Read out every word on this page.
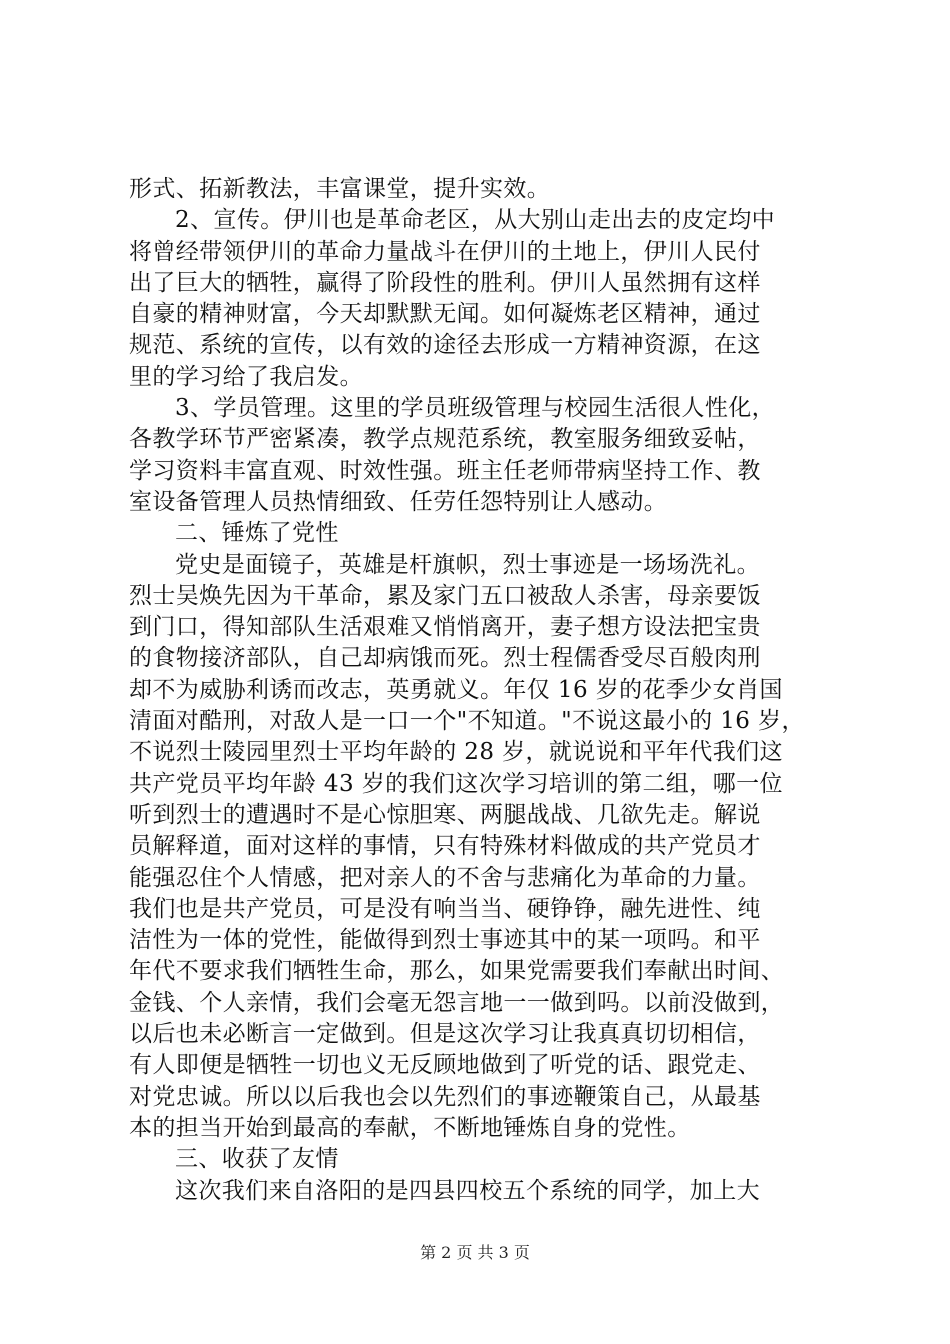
形式、拓新教法，丰富课堂，提升实效。
2、宣传。伊川也是革命老区，从大别山走出去的皮定均中
将曾经带领伊川的革命力量战斗在伊川的土地上，伊川人民付
出了巨大的牺牲，赢得了阶段性的胜利。伊川人虽然拥有这样
自豪的精神财富，今天却默默无闻。如何凝炼老区精神，通过
规范、系统的宣传，以有效的途径去形成一方精神资源，在这
里的学习给了我启发。
3、学员管理。这里的学员班级管理与校园生活很人性化，
各教学环节严密紧凑，教学点规范系统，教室服务细致妥帖，
学习资料丰富直观、时效性强。班主任老师带病坚持工作、教
室设备管理人员热情细致、任劳任怨特别让人感动。
二、锤炼了党性
党史是面镜子，英雄是杆旗帜，烈士事迹是一场场洗礼。
烈士吴焕先因为干革命，累及家门五口被敌人杀害，母亲要饭
到门口，得知部队生活艰难又悄悄离开，妻子想方设法把宝贵
的食物接济部队，自己却病饿而死。烈士程儒香受尽百般肉刑
却不为威胁利诱而改志，英勇就义。年仅 16 岁的花季少女肖国
清面对酷刑，对敌人是一口一个"不知道。"不说这最小的 16 岁，
不说烈士陵园里烈士平均年龄的 28 岁，就说说和平年代我们这
共产党员平均年龄 43 岁的我们这次学习培训的第二组，哪一位
听到烈士的遭遇时不是心惊胆寒、两腿战战、几欲先走。解说
员解释道，面对这样的事情，只有特殊材料做成的共产党员才
能强忍住个人情感，把对亲人的不舍与悲痛化为革命的力量。
我们也是共产党员，可是没有响当当、硬铮铮，融先进性、纯
洁性为一体的党性，能做得到烈士事迹其中的某一项吗。和平
年代不要求我们牺牲生命，那么，如果党需要我们奉献出时间、
金钱、个人亲情，我们会毫无怨言地一一做到吗。以前没做到，
以后也未必断言一定做到。但是这次学习让我真真切切相信，
有人即便是牺牲一切也义无反顾地做到了听党的话、跟党走、
对党忠诚。所以以后我也会以先烈们的事迹鞭策自己，从最基
本的担当开始到最高的奉献，不断地锤炼自身的党性。
三、收获了友情
这次我们来自洛阳的是四县四校五个系统的同学，加上大
第 2 页 共 3 页
